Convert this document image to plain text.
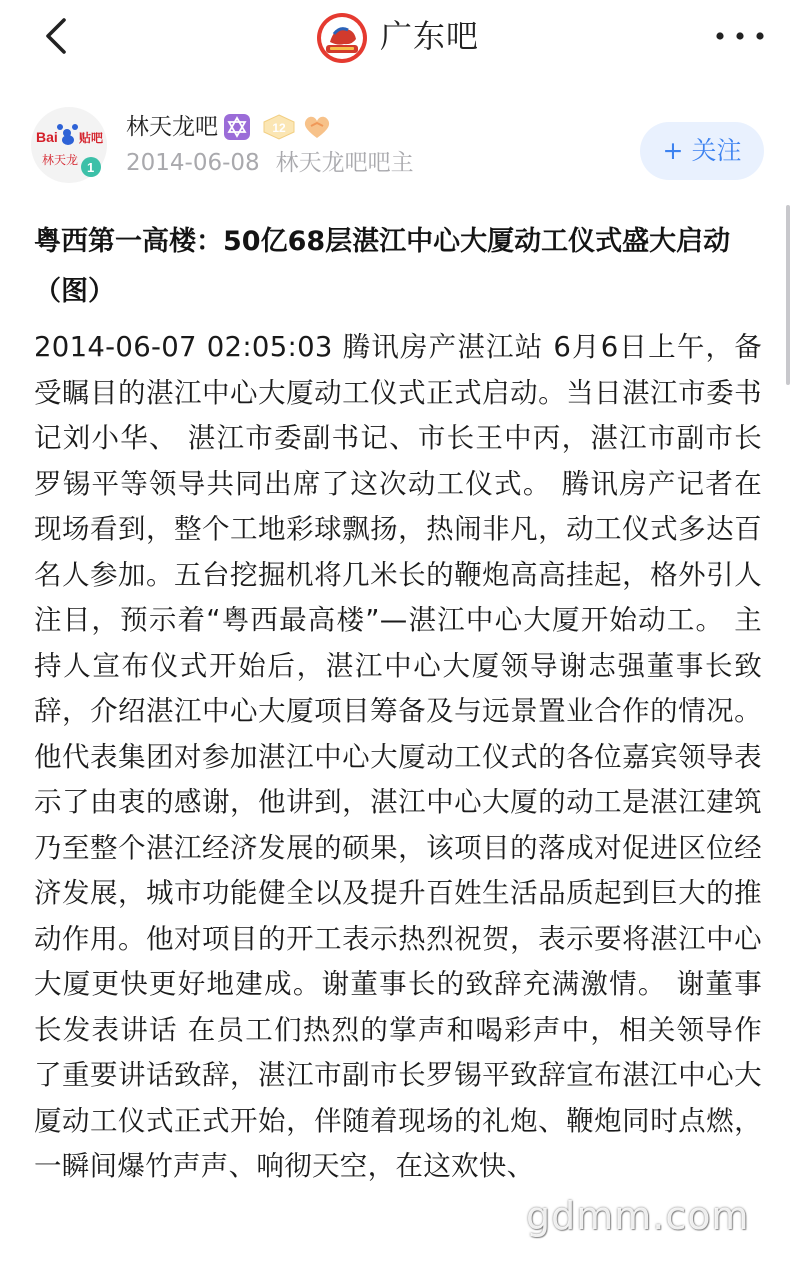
广东吧
Bai 贴吧
林天龙 1
林天龙吧	12
2014-06-08 林天龙吧吧主	+ 关注
粤西第一高楼：50亿68层湛江中心大厦动工仪式盛大启动（图）
2014-06-07 02:05:03 腾讯房产湛江站 6月6日上午，备受瞩目的湛江中心大厦动工仪式正式启动。当日湛江市委书记刘小华、 湛江市委副书记、市长王中丙，湛江市副市长罗锡平等领导共同出席了这次动工仪式。 腾讯房产记者在现场看到，整个工地彩球飘扬，热闹非凡，动工仪式多达百名人参加。五台挖掘机将几米长的鞭炮高高挂起，格外引人注目，预示着“粤西最高楼”—湛江中心大厦开始动工。 主持人宣布仪式开始后，湛江中心大厦领导谢志强董事长致辞，介绍湛江中心大厦项目筹备及与远景置业合作的情况。他代表集团对参加湛江中心大厦动工仪式的各位嘉宾领导表示了由衷的感谢，他讲到，湛江中心大厦的动工是湛江建筑乃至整个湛江经济发展的硕果，该项目的落成对促进区位经济发展，城市功能健全以及提升百姓生活品质起到巨大的推动作用。他对项目的开工表示热烈祝贺，表示要将湛江中心大厦更快更好地建成。谢董事长的致辞充满激情。 谢董事长发表讲话 在员工们热烈的掌声和喝彩声中，相关领导作了重要讲话致辞，湛江市副市长罗锡平致辞宣布湛江中心大厦动工仪式正式开始，伴随着现场的礼炮、鞭炮同时点燃，一瞬间爆竹声声、响彻天空，在这欢快、
gdmm.com
